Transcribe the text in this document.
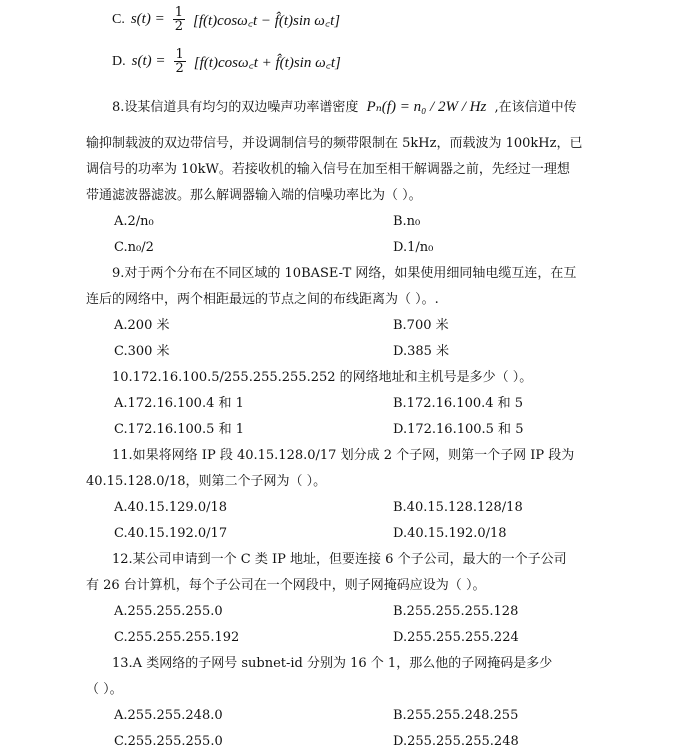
C. $s(t) = \frac{1}{2}$ [f(t)cosω꜀t − f̂(t)sin ω꜀t]
D. $s(t) = \frac{1}{2}$ [f(t)cosω꜀t + f̂(t)sin ω꜀t]
8.设某信道具有均匀的双边噪声功率谱密度 Pₙ(f) = n₀ / 2W / Hz ,在该信道中传
输抑制载波的双边带信号，并设调制信号的频带限制在 5kHz，而载波为 100kHz，已
调信号的功率为 10kW。若接收机的输入信号在加至相干解调器之前，先经过一理想
带通滤波器滤波。那么解调器输入端的信噪功率比为（ ）。
A.2/n₀	B.n₀
C.n₀/2	D.1/n₀
9.对于两个分布在不同区域的 10BASE-T 网络，如果使用细同轴电缆互连，在互
连后的网络中，两个相距最远的节点之间的布线距离为（ ）。.
A.200 米	B.700 米
C.300 米	D.385 米
10.172.16.100.5/255.255.255.252 的网络地址和主机号是多少（ ）。
A.172.16.100.4 和 1	B.172.16.100.4 和 5
C.172.16.100.5 和 1	D.172.16.100.5 和 5
11.如果将网络 IP 段 40.15.128.0/17 划分成 2 个子网，则第一个子网 IP 段为
40.15.128.0/18，则第二个子网为（ ）。
A.40.15.129.0/18	B.40.15.128.128/18
C.40.15.192.0/17	D.40.15.192.0/18
12.某公司申请到一个 C 类 IP 地址，但要连接 6 个子公司，最大的一个子公司
有 26 台计算机，每个子公司在一个网段中，则子网掩码应设为（ ）。
A.255.255.255.0	B.255.255.255.128
C.255.255.255.192	D.255.255.255.224
13.A 类网络的子网号 subnet-id 分别为 16 个 1，那么他的子网掩码是多少
（ ）。
A.255.255.248.0	B.255.255.248.255
C.255.255.255.0	D.255.255.255.248
